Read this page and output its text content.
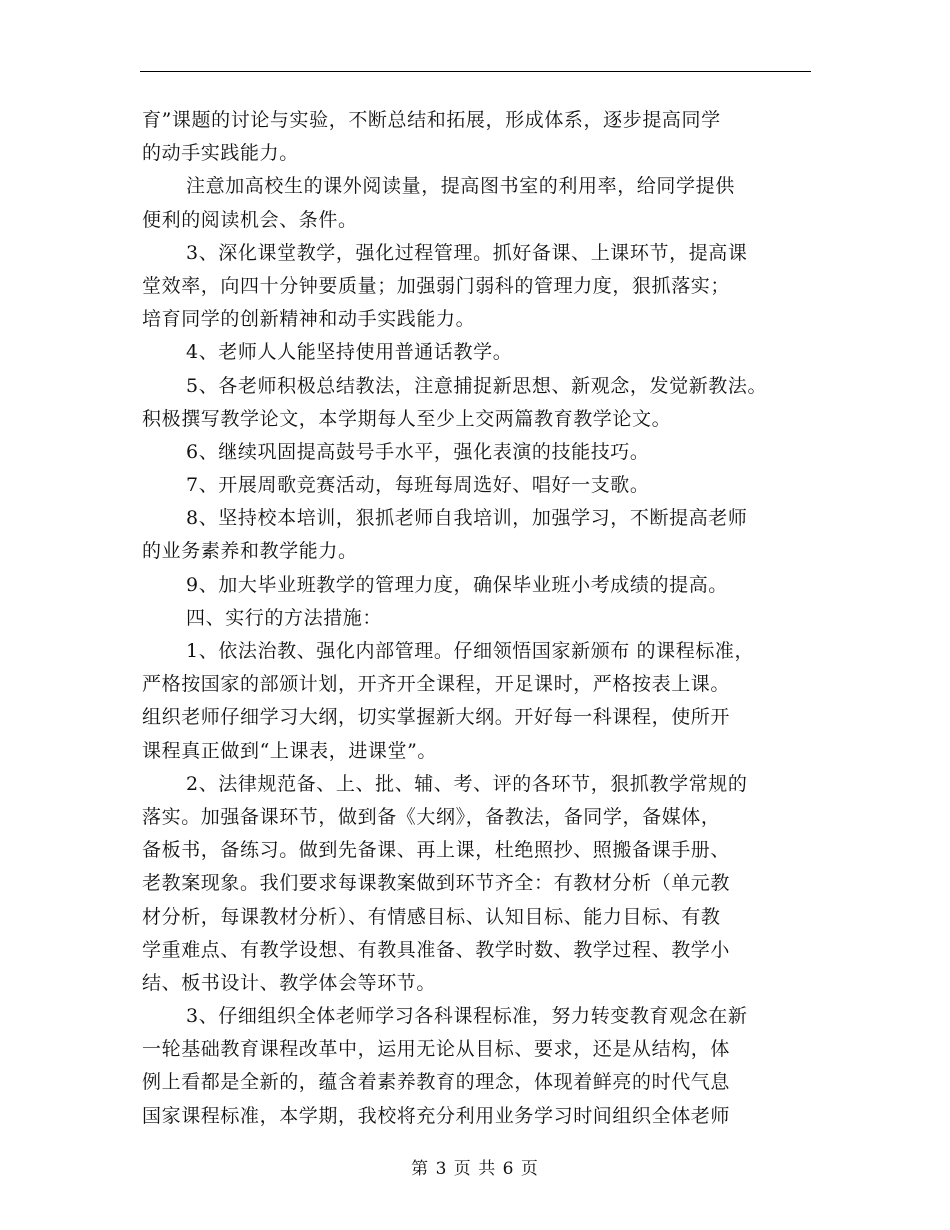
育”课题的讨论与实验，不断总结和拓展，形成体系，逐步提高同学
的动手实践能力。
注意加高校生的课外阅读量，提高图书室的利用率，给同学提供
便利的阅读机会、条件。
3、深化课堂教学，强化过程管理。抓好备课、上课环节，提高课
堂效率，向四十分钟要质量；加强弱门弱科的管理力度，狠抓落实；
培育同学的创新精神和动手实践能力。
4、老师人人能坚持使用普通话教学。
5、各老师积极总结教法，注意捕捉新思想、新观念，发觉新教法。
积极撰写教学论文，本学期每人至少上交两篇教育教学论文。
6、继续巩固提高鼓号手水平，强化表演的技能技巧。
7、开展周歌竞赛活动，每班每周选好、唱好一支歌。
8、坚持校本培训，狠抓老师自我培训，加强学习，不断提高老师
的业务素养和教学能力。
9、加大毕业班教学的管理力度，确保毕业班小考成绩的提高。
四、实行的方法措施：
1、依法治教、强化内部管理。仔细领悟国家新颁布 的课程标准，
严格按国家的部颁计划，开齐开全课程，开足课时，严格按表上课。
组织老师仔细学习大纲，切实掌握新大纲。开好每一科课程，使所开
课程真正做到“上课表，进课堂”。
2、法律规范备、上、批、辅、考、评的各环节，狠抓教学常规的
落实。加强备课环节，做到备《大纲》，备教法，备同学，备媒体，
备板书，备练习。做到先备课、再上课，杜绝照抄、照搬备课手册、
老教案现象。我们要求每课教案做到环节齐全：有教材分析（单元教
材分析，每课教材分析）、有情感目标、认知目标、能力目标、有教
学重难点、有教学设想、有教具准备、教学时数、教学过程、教学小
结、板书设计、教学体会等环节。
3、仔细组织全体老师学习各科课程标准，努力转变教育观念在新
一轮基础教育课程改革中，运用无论从目标、要求，还是从结构，体
例上看都是全新的，蕴含着素养教育的理念，体现着鲜亮的时代气息
国家课程标准，本学期，我校将充分利用业务学习时间组织全体老师
第 3 页 共 6 页
